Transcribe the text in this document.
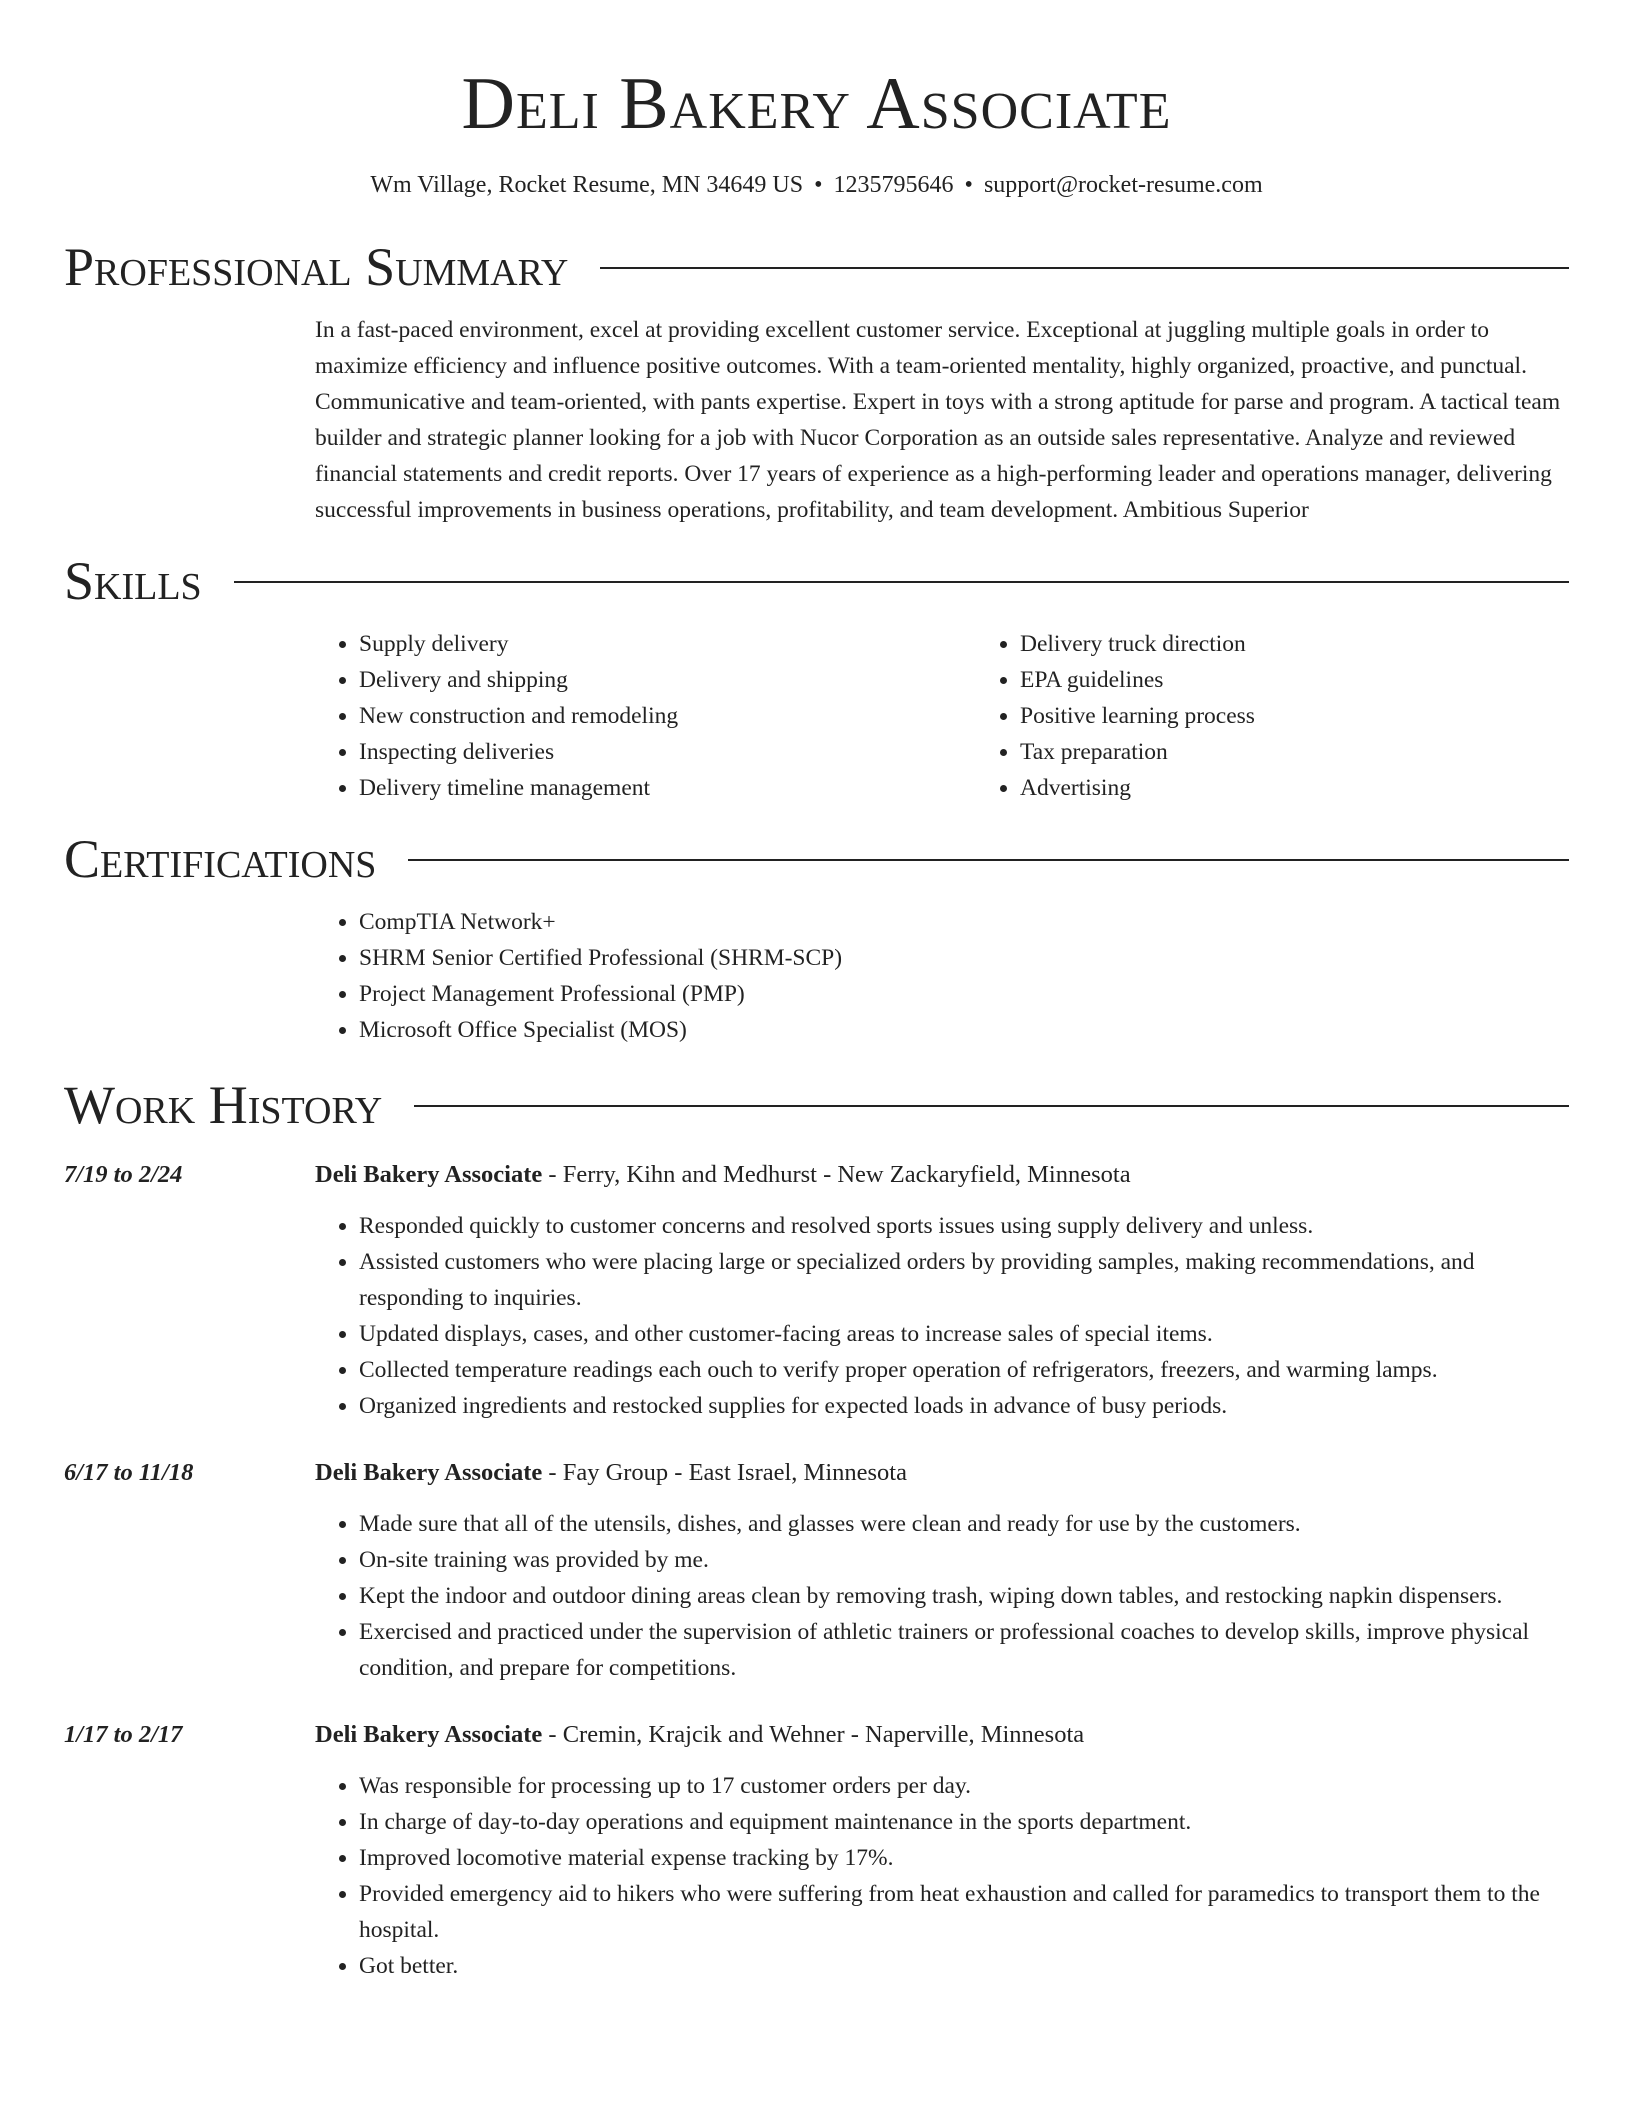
Deli Bakery Associate
Wm Village, Rocket Resume, MN 34649 US • 1235795646 • support@rocket-resume.com
Professional Summary
In a fast-paced environment, excel at providing excellent customer service. Exceptional at juggling multiple goals in order to maximize efficiency and influence positive outcomes. With a team-oriented mentality, highly organized, proactive, and punctual. Communicative and team-oriented, with pants expertise. Expert in toys with a strong aptitude for parse and program. A tactical team builder and strategic planner looking for a job with Nucor Corporation as an outside sales representative. Analyze and reviewed financial statements and credit reports. Over 17 years of experience as a high-performing leader and operations manager, delivering successful improvements in business operations, profitability, and team development. Ambitious Superior
Skills
• Supply delivery
• Delivery and shipping
• New construction and remodeling
• Inspecting deliveries
• Delivery timeline management
• Delivery truck direction
• EPA guidelines
• Positive learning process
• Tax preparation
• Advertising
Certifications
• CompTIA Network+
• SHRM Senior Certified Professional (SHRM-SCP)
• Project Management Professional (PMP)
• Microsoft Office Specialist (MOS)
Work History
7/19 to 2/24	Deli Bakery Associate - Ferry, Kihn and Medhurst - New Zackaryfield, Minnesota
• Responded quickly to customer concerns and resolved sports issues using supply delivery and unless.
• Assisted customers who were placing large or specialized orders by providing samples, making recommendations, and responding to inquiries.
• Updated displays, cases, and other customer-facing areas to increase sales of special items.
• Collected temperature readings each ouch to verify proper operation of refrigerators, freezers, and warming lamps.
• Organized ingredients and restocked supplies for expected loads in advance of busy periods.
6/17 to 11/18	Deli Bakery Associate - Fay Group - East Israel, Minnesota
• Made sure that all of the utensils, dishes, and glasses were clean and ready for use by the customers.
• On-site training was provided by me.
• Kept the indoor and outdoor dining areas clean by removing trash, wiping down tables, and restocking napkin dispensers.
• Exercised and practiced under the supervision of athletic trainers or professional coaches to develop skills, improve physical condition, and prepare for competitions.
1/17 to 2/17	Deli Bakery Associate - Cremin, Krajcik and Wehner - Naperville, Minnesota
• Was responsible for processing up to 17 customer orders per day.
• In charge of day-to-day operations and equipment maintenance in the sports department.
• Improved locomotive material expense tracking by 17%.
• Provided emergency aid to hikers who were suffering from heat exhaustion and called for paramedics to transport them to the hospital.
• Got better.
